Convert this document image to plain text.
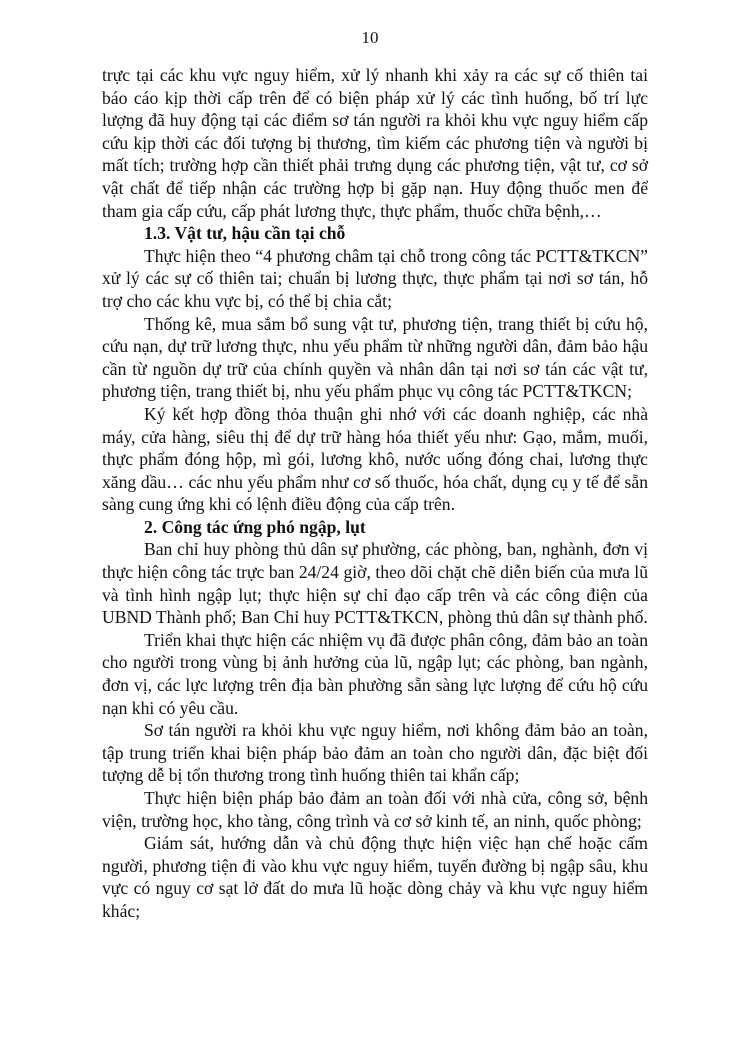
10

trực tại các khu vực nguy hiểm, xử lý nhanh khi xảy ra các sự cố thiên tai báo cáo kịp thời cấp trên để có biện pháp xử lý các tình huống, bố trí lực lượng đã huy động tại các điểm sơ tán người ra khỏi khu vực nguy hiểm cấp cứu kịp thời các đối tượng bị thương, tìm kiếm các phương tiện và người bị mất tích; trường hợp cần thiết phải trưng dụng các phương tiện, vật tư, cơ sở vật chất để tiếp nhận các trường hợp bị gặp nạn. Huy động thuốc men để tham gia cấp cứu, cấp phát lương thực, thực phẩm, thuốc chữa bệnh,…

1.3. Vật tư, hậu cần tại chỗ

Thực hiện theo “4 phương châm tại chỗ trong công tác PCTT&TKCN” xử lý các sự cố thiên tai; chuẩn bị lương thực, thực phẩm tại nơi sơ tán, hỗ trợ cho các khu vực bị, có thể bị chia cắt;

Thống kê, mua sắm bổ sung vật tư, phương tiện, trang thiết bị cứu hộ, cứu nạn, dự trữ lương thực, nhu yếu phẩm từ những người dân, đảm bảo hậu cần từ nguồn dự trữ của chính quyền và nhân dân tại nơi sơ tán các vật tư, phương tiện, trang thiết bị, nhu yếu phẩm phục vụ công tác PCTT&TKCN;

Ký kết hợp đồng thỏa thuận ghi nhớ với các doanh nghiệp, các nhà máy, cửa hàng, siêu thị để dự trữ hàng hóa thiết yếu như: Gạo, mắm, muối, thực phẩm đóng hộp, mì gói, lương khô, nước uống đóng chai, lương thực xăng dầu… các nhu yếu phẩm như cơ số thuốc, hóa chất, dụng cụ y tế để sẵn sàng cung ứng khi có lệnh điều động của cấp trên.

2. Công tác ứng phó ngập, lụt

Ban chỉ huy phòng thủ dân sự phường, các phòng, ban, nghành, đơn vị thực hiện công tác trực ban 24/24 giờ, theo dõi chặt chẽ diễn biến của mưa lũ và tình hình ngập lụt; thực hiện sự chỉ đạo cấp trên và các công điện của UBND Thành phố; Ban Chỉ huy PCTT&TKCN, phòng thủ dân sự thành phố.

Triển khai thực hiện các nhiệm vụ đã được phân công, đảm bảo an toàn cho người trong vùng bị ảnh hưởng của lũ, ngập lụt; các phòng, ban ngành, đơn vị, các lực lượng trên địa bàn phường sẵn sàng lực lượng để cứu hộ cứu nạn khi có yêu cầu.

Sơ tán người ra khỏi khu vực nguy hiểm, nơi không đảm bảo an toàn, tập trung triển khai biện pháp bảo đảm an toàn cho người dân, đặc biệt đối tượng dễ bị tổn thương trong tình huống thiên tai khẩn cấp;

Thực hiện biện pháp bảo đảm an toàn đối với nhà cửa, công sở, bệnh viện, trường học, kho tàng, công trình và cơ sở kinh tế, an ninh, quốc phòng;

Giám sát, hướng dẫn và chủ động thực hiện việc hạn chế hoặc cấm người, phương tiện đi vào khu vực nguy hiểm, tuyến đường bị ngập sâu, khu vực có nguy cơ sạt lở đất do mưa lũ hoặc dòng chảy và khu vực nguy hiểm khác;
